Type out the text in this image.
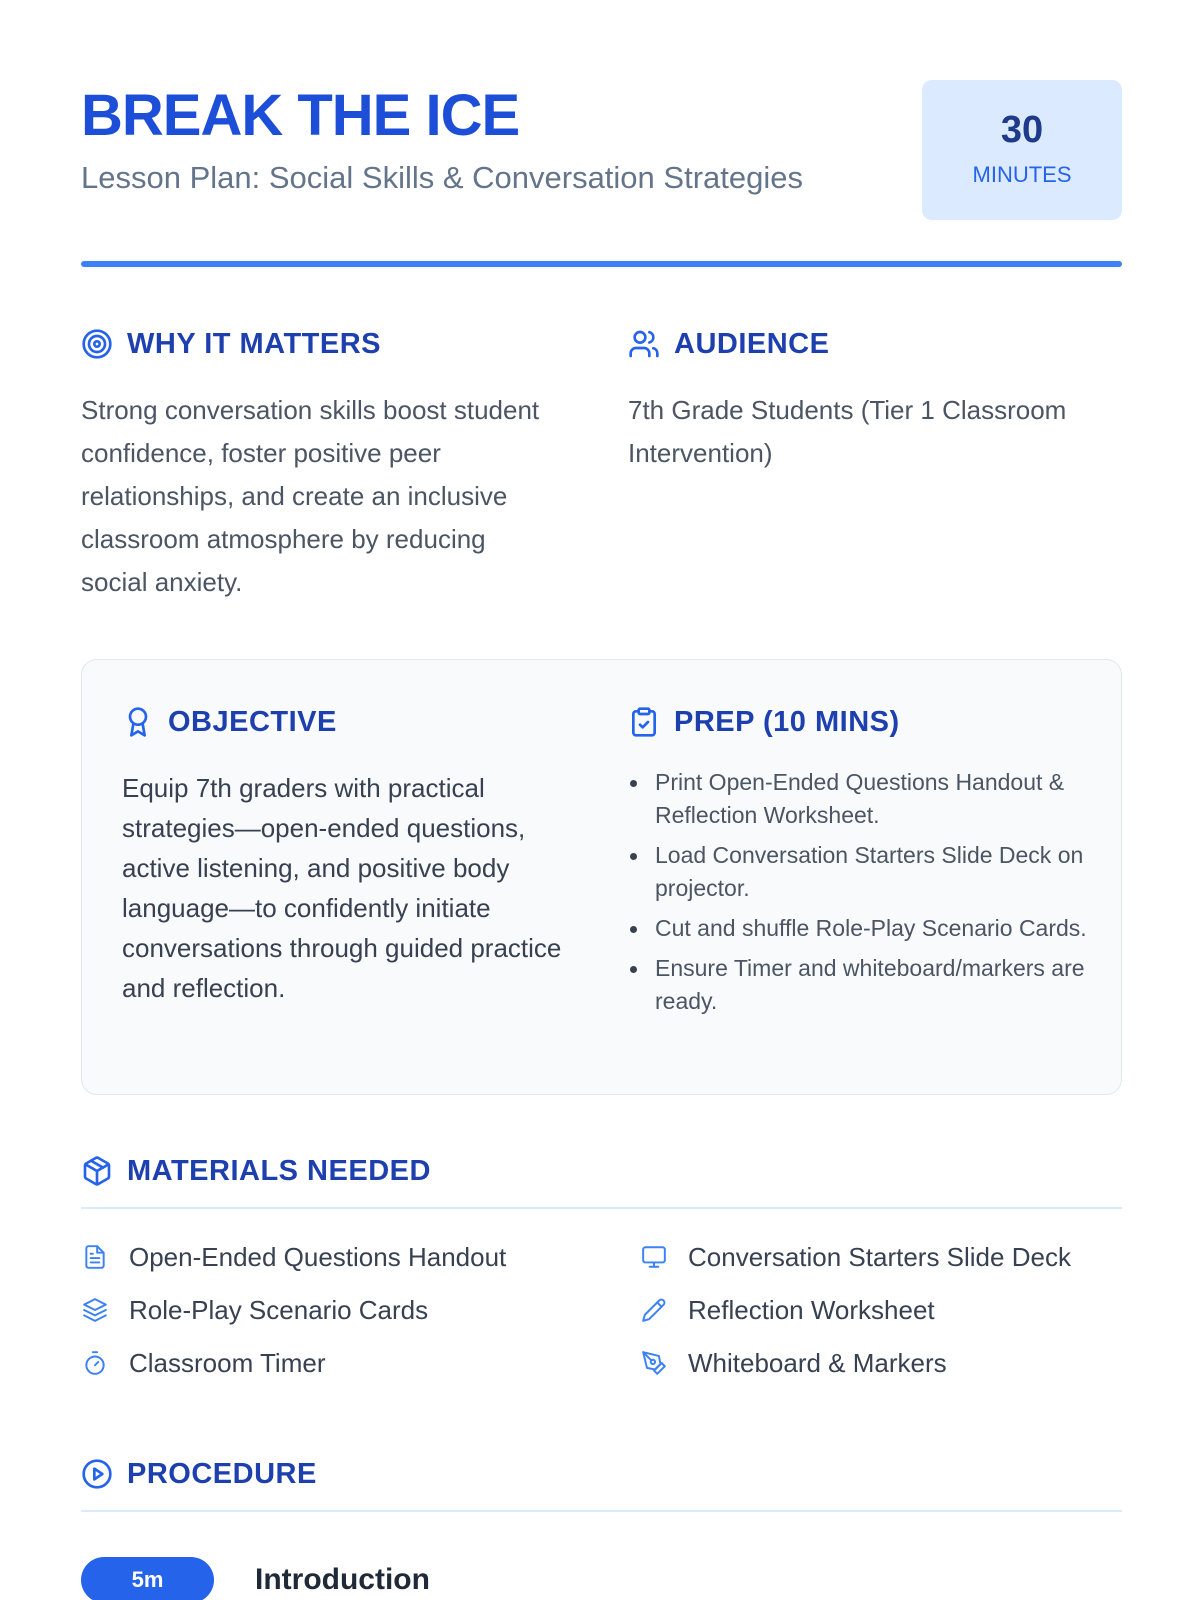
BREAK THE ICE
Lesson Plan: Social Skills & Conversation Strategies
30
MINUTES
WHY IT MATTERS
Strong conversation skills boost student confidence, foster positive peer relationships, and create an inclusive classroom atmosphere by reducing social anxiety.
AUDIENCE
7th Grade Students (Tier 1 Classroom Intervention)
OBJECTIVE
Equip 7th graders with practical strategies—open-ended questions, active listening, and positive body language—to confidently initiate conversations through guided practice and reflection.
PREP (10 MINS)
Print Open-Ended Questions Handout & Reflection Worksheet.
Load Conversation Starters Slide Deck on projector.
Cut and shuffle Role-Play Scenario Cards.
Ensure Timer and whiteboard/markers are ready.
MATERIALS NEEDED
Open-Ended Questions Handout	Conversation Starters Slide Deck
Role-Play Scenario Cards	Reflection Worksheet
Classroom Timer	Whiteboard & Markers
PROCEDURE
5m	Introduction
